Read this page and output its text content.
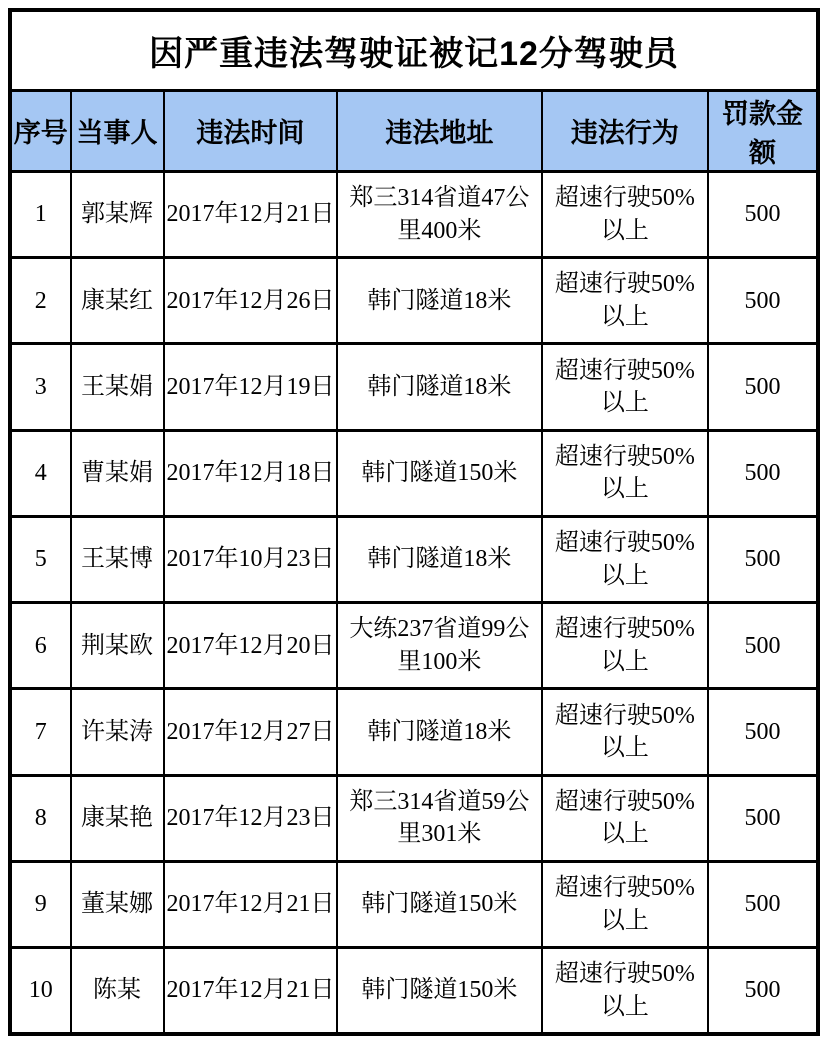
因严重违法驾驶证被记12分驾驶员					
序号	当事人	违法时间	违法地址	违法行为	罚款金额
1	郭某辉	2017年12月21日	郑三314省道47公里400米	超速行驶50%以上	500
2	康某红	2017年12月26日	韩门隧道18米	超速行驶50%以上	500
3	王某娟	2017年12月19日	韩门隧道18米	超速行驶50%以上	500
4	曹某娟	2017年12月18日	韩门隧道150米	超速行驶50%以上	500
5	王某博	2017年10月23日	韩门隧道18米	超速行驶50%以上	500
6	荆某欧	2017年12月20日	大练237省道99公里100米	超速行驶50%以上	500
7	许某涛	2017年12月27日	韩门隧道18米	超速行驶50%以上	500
8	康某艳	2017年12月23日	郑三314省道59公里301米	超速行驶50%以上	500
9	董某娜	2017年12月21日	韩门隧道150米	超速行驶50%以上	500
10	陈某	2017年12月21日	韩门隧道150米	超速行驶50%以上	500
